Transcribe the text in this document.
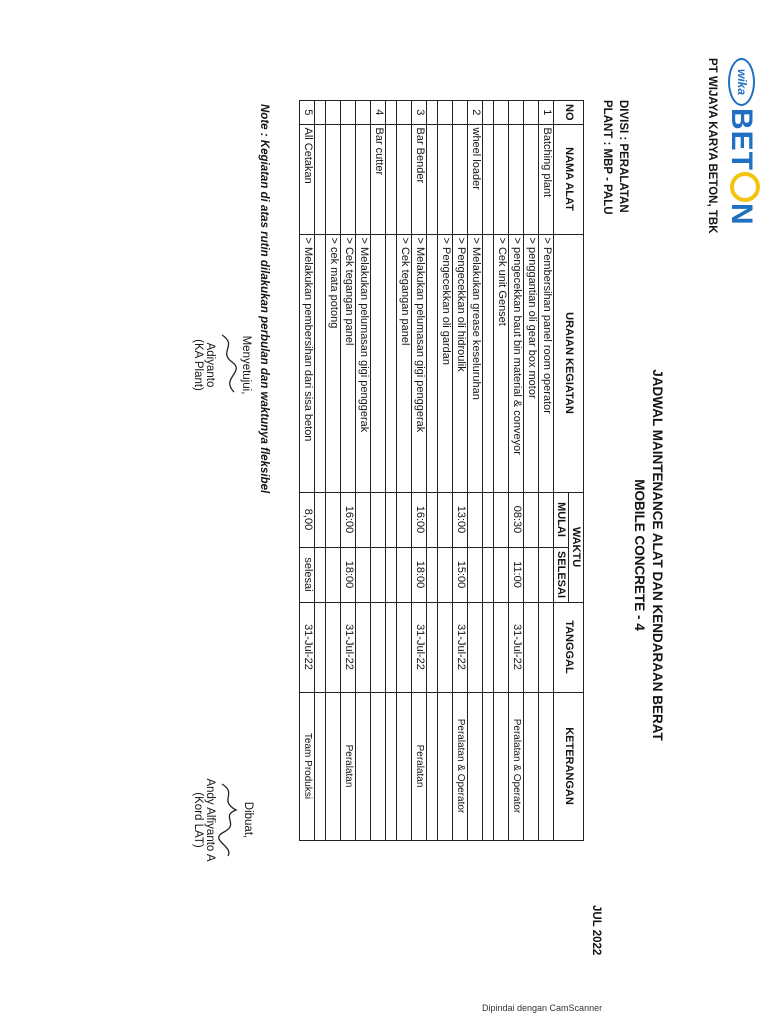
wikaBETN
PT WIJAYA KARYA BETON, TBK
JADWAL MAINTENANCE ALAT DAN KENDARAAN BERAT
MOBILE CONCRETE - 4
DIVISI : PERALATAN
PLANT : MBP - PALU
JUL 2022
NO	NAMA ALAT	URAIAN KEGIATAN	WAKTU		TANGGAL	KETERANGAN
			MULAI	SELESAI		
1	Batching plant	> Pembersihan panel room operator				
		> penggantian oli gear box motor				
		> pengecekkan baut bin material & conveyor	08:30	11:00	31-Jul-22	Peralatan & Operator
		> Cek unit Genset				

2	wheel loader	> Melakukan grease keseluruhan				
		> Pengecekkan oli hidroulik	13:00	15:00	31-Jul-22	Peralatan & Operator
		> Pengecekkan oli gardan				

3	Bar Bender	> Melakukan pelumasan gigi penggerak	16:00	18:00	31-Jul-22	Peralatan
		> Cek tegangan panel				

4	Bar cutter					
		> Melakukan pelumasan gigi penggerak				
		> Cek tegangan panel	16:00	18:00	31-Jul-22	Peralatan
		> cek mata potong				

5	All Cetakan	> Melakukan pembersihan dari sisa beton	8,00	selesai	31-Jul-22	Team Produksi
Note : Kegiatan di atas rutin dilakukan perbulan dan waktunya fleksibel
Menyetujui,
Adiyanto
(KA Plant)
Dibuat,
Andy Alfiyanto A
(Kord LAT)
Dipindai dengan CamScanner
